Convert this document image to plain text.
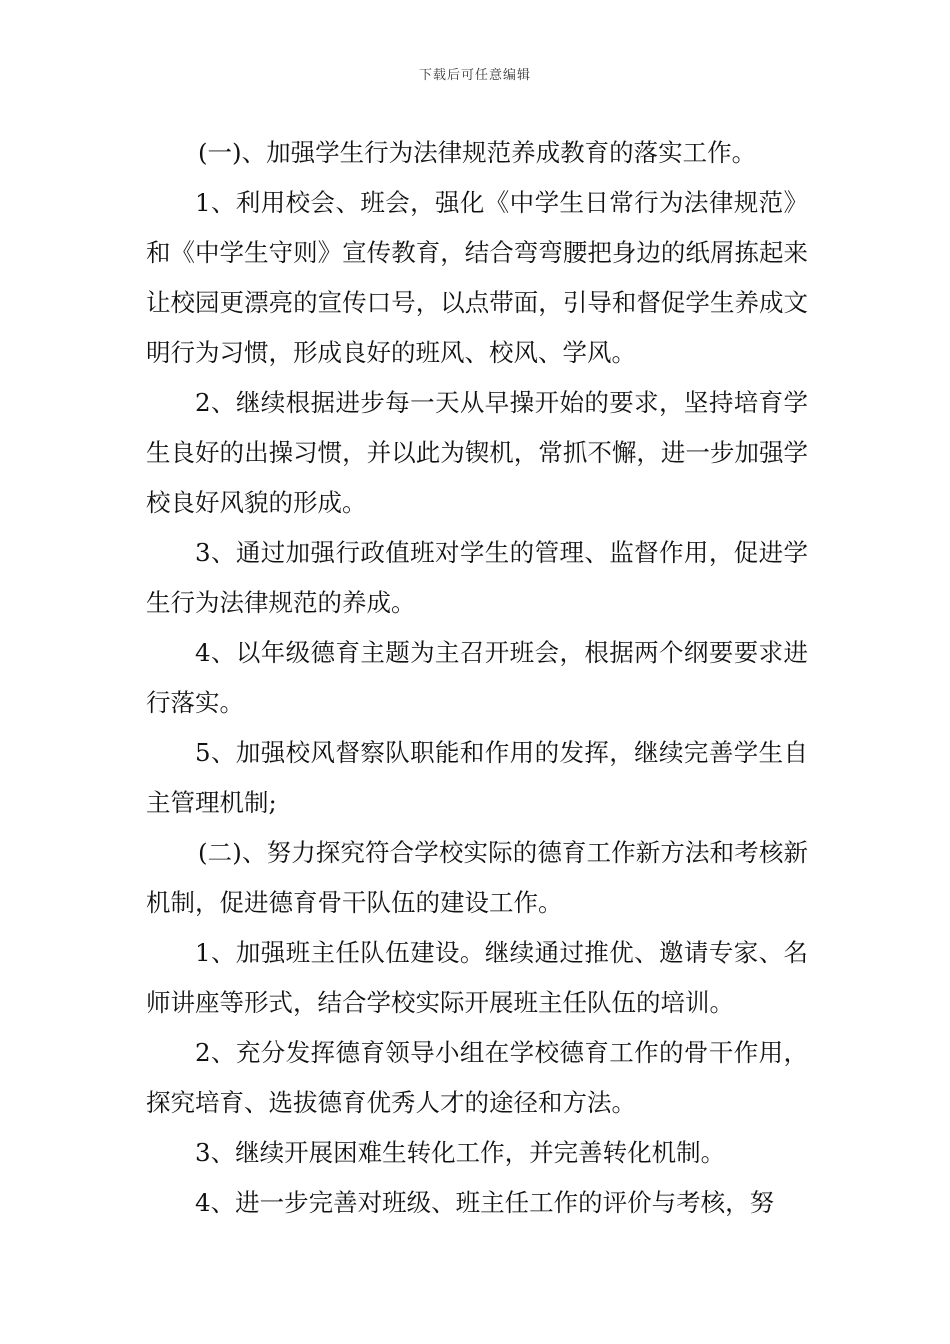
下载后可任意编辑

(一)、加强学生行为法律规范养成教育的落实工作。

1、利用校会、班会，强化《中学生日常行为法律规范》和《中学生守则》宣传教育，结合弯弯腰把身边的纸屑拣起来让校园更漂亮的宣传口号，以点带面，引导和督促学生养成文明行为习惯，形成良好的班风、校风、学风。

2、继续根据进步每一天从早操开始的要求，坚持培育学生良好的出操习惯，并以此为锲机，常抓不懈，进一步加强学校良好风貌的形成。

3、通过加强行政值班对学生的管理、监督作用，促进学生行为法律规范的养成。

4、以年级德育主题为主召开班会，根据两个纲要要求进行落实。

5、加强校风督察队职能和作用的发挥，继续完善学生自主管理机制;

(二)、努力探究符合学校实际的德育工作新方法和考核新机制，促进德育骨干队伍的建设工作。

1、加强班主任队伍建设。继续通过推优、邀请专家、名师讲座等形式，结合学校实际开展班主任队伍的培训。

2、充分发挥德育领导小组在学校德育工作的骨干作用，探究培育、选拔德育优秀人才的途径和方法。

3、继续开展困难生转化工作，并完善转化机制。

4、进一步完善对班级、班主任工作的评价与考核，努
